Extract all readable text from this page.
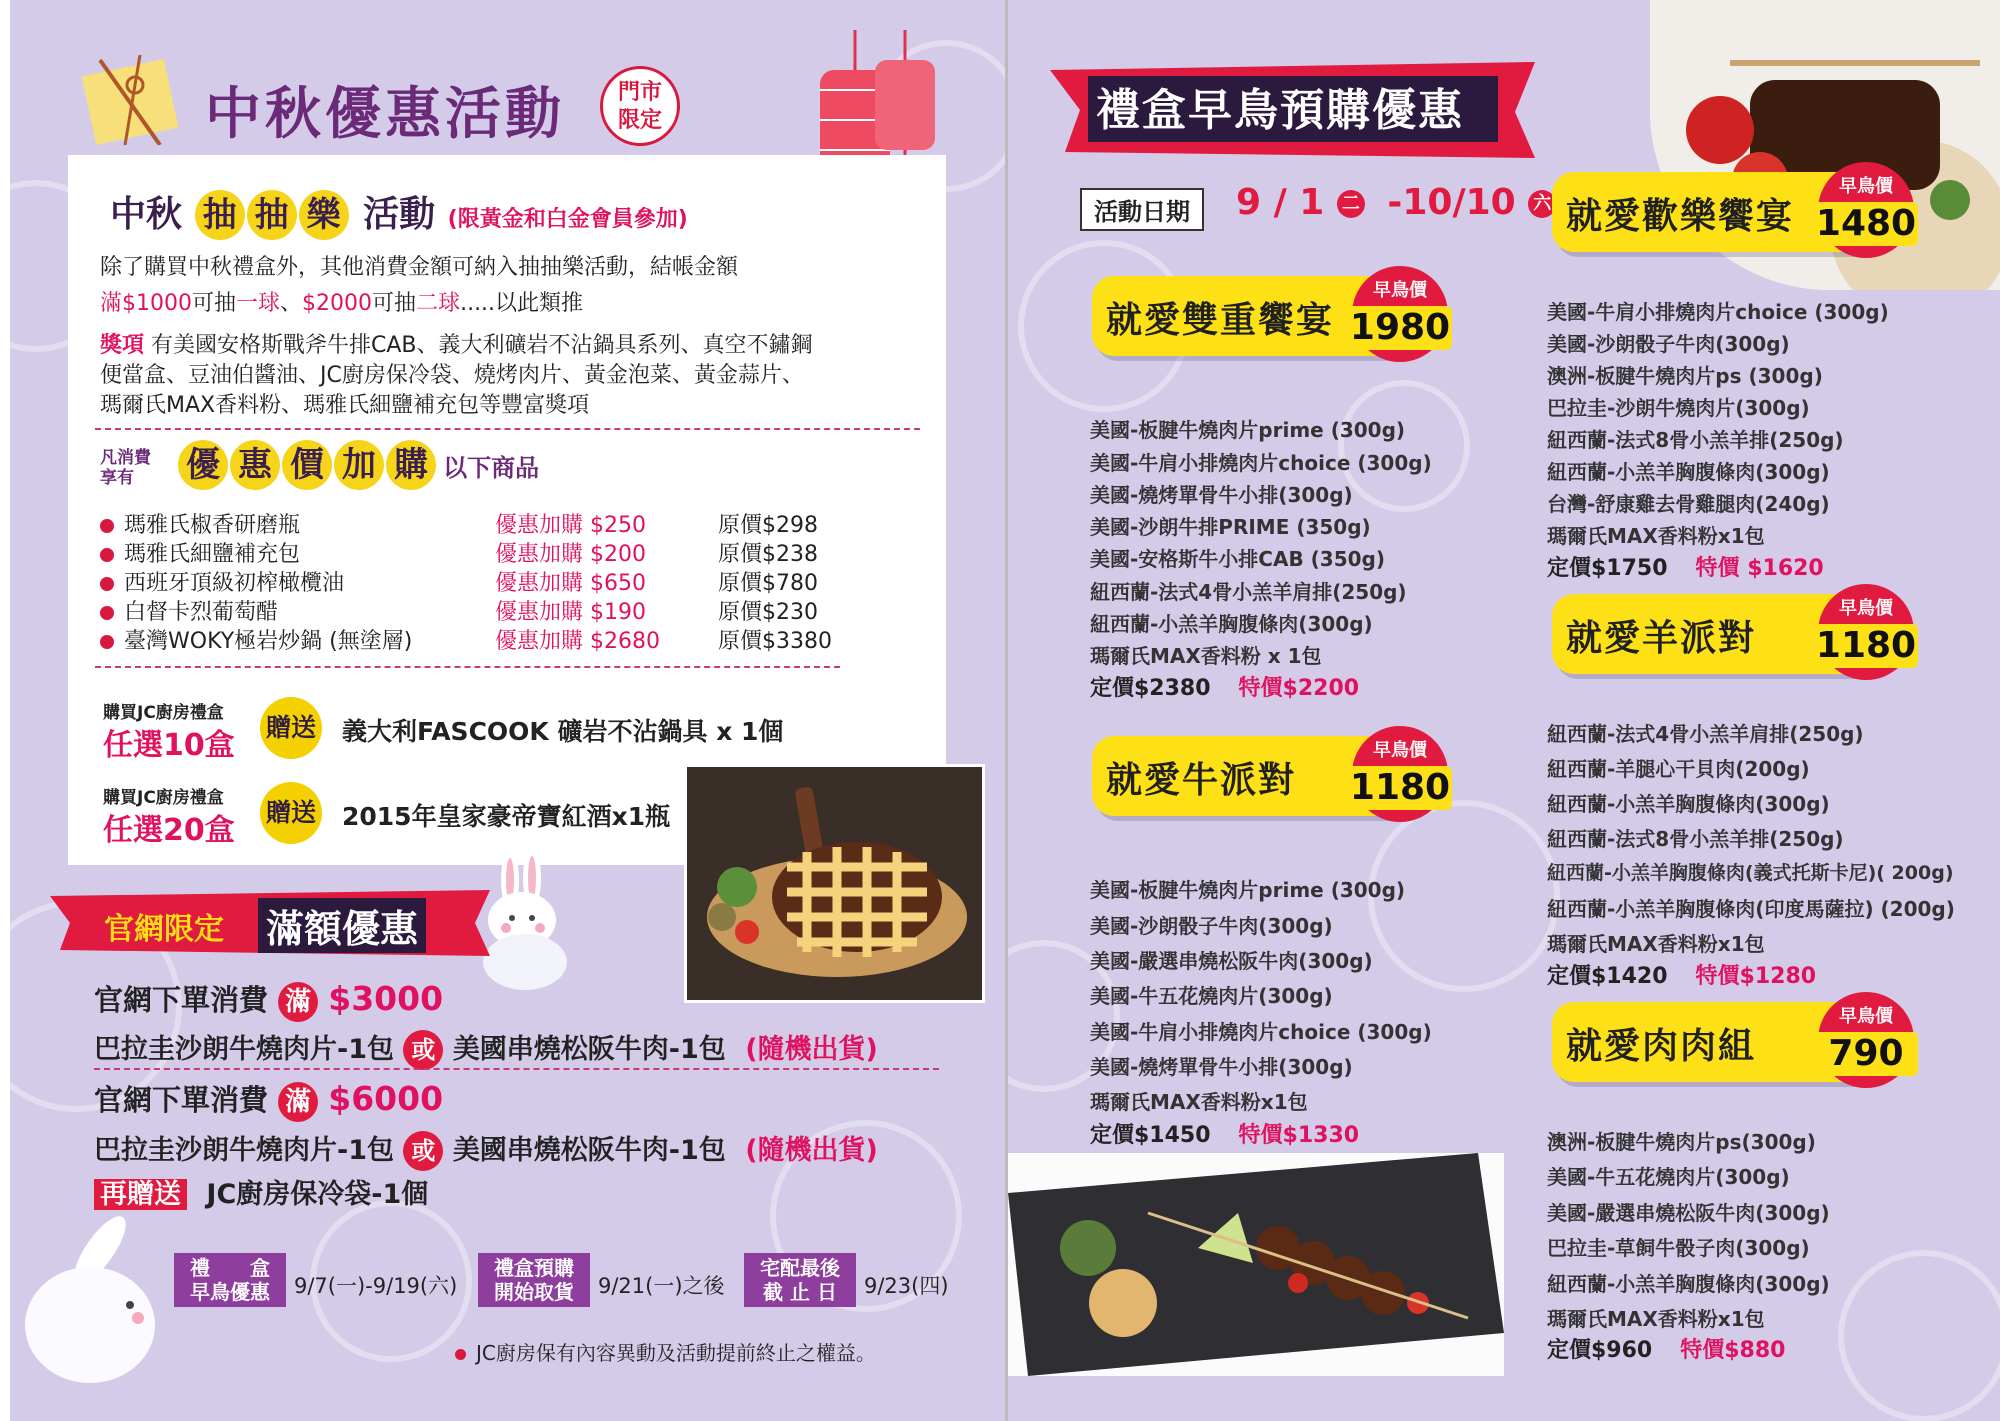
中秋優惠活動	門市
限定
中秋 抽 抽 樂 活動 (限黃金和白金會員參加)
除了購買中秋禮盒外，其他消費金額可納入抽抽樂活動，結帳金額
滿$1000可抽一球、$2000可抽二球.....以此類推
獎項 有美國安格斯戰斧牛排CAB、義大利礦岩不沾鍋具系列、真空不鏽鋼
便當盒、豆油伯醬油、JC廚房保冷袋、燒烤肉片、黃金泡菜、黃金蒜片、
瑪爾氏MAX香料粉、瑪雅氏細鹽補充包等豐富獎項
凡消費
享有	優 惠 價 加 購 以下商品
瑪雅氏椒香研磨瓶	優惠加購 $250	原價$298
瑪雅氏細鹽補充包	優惠加購 $200	原價$238
西班牙頂級初榨橄欖油	優惠加購 $650	原價$780
白督卡烈葡萄醋	優惠加購 $190	原價$230
臺灣WOKY極岩炒鍋 (無塗層)	優惠加購 $2680	原價$3380
購買JC廚房禮盒
任選10盒
贈送 義大利FASCOOK 礦岩不沾鍋具 x 1個
購買JC廚房禮盒
任選20盒
贈送 2015年皇家豪帝寶紅酒x1瓶
官網限定 滿額優惠
官網下單消費 滿 $3000
巴拉圭沙朗牛燒肉片-1包 或 美國串燒松阪牛肉-1包 (隨機出貨)
官網下單消費 滿 $6000
巴拉圭沙朗牛燒肉片-1包 或 美國串燒松阪牛肉-1包 (隨機出貨)
再贈送 JC廚房保冷袋-1個
禮　　盒
早鳥優惠	9/7(一)-9/19(六)
禮盒預購
開始取貨	9/21(一)之後
宅配最後
截 止 日	9/23(四)
JC廚房保有內容異動及活動提前終止之權益。
禮盒早鳥預購優惠
活動日期	9 / 1 二 -10/10 六
就愛雙重饗宴
早鳥價
1980
美國-板腱牛燒肉片prime (300g)
美國-牛肩小排燒肉片choice (300g)
美國-燒烤單骨牛小排(300g)
美國-沙朗牛排PRIME (350g)
美國-安格斯牛小排CAB (350g)
紐西蘭-法式4骨小羔羊肩排(250g)
紐西蘭-小羔羊胸腹條肉(300g)
瑪爾氏MAX香料粉 x 1包
定價$2380 特價$2200
就愛牛派對
早鳥價
1180
美國-板腱牛燒肉片prime (300g)
美國-沙朗骰子牛肉(300g)
美國-嚴選串燒松阪牛肉(300g)
美國-牛五花燒肉片(300g)
美國-牛肩小排燒肉片choice (300g)
美國-燒烤單骨牛小排(300g)
瑪爾氏MAX香料粉x1包
定價$1450 特價$1330
就愛歡樂饗宴
早鳥價
1480
美國-牛肩小排燒肉片choice (300g)
美國-沙朗骰子牛肉(300g)
澳洲-板腱牛燒肉片ps (300g)
巴拉圭-沙朗牛燒肉片(300g)
紐西蘭-法式8骨小羔羊排(250g)
紐西蘭-小羔羊胸腹條肉(300g)
台灣-舒康雞去骨雞腿肉(240g)
瑪爾氏MAX香料粉x1包
定價$1750 特價 $1620
就愛羊派對
早鳥價
1180
紐西蘭-法式4骨小羔羊肩排(250g)
紐西蘭-羊腿心干貝肉(200g)
紐西蘭-小羔羊胸腹條肉(300g)
紐西蘭-法式8骨小羔羊排(250g)
紐西蘭-小羔羊胸腹條肉(義式托斯卡尼)( 200g)
紐西蘭-小羔羊胸腹條肉(印度馬薩拉) (200g)
瑪爾氏MAX香料粉x1包
定價$1420 特價$1280
就愛肉肉組
早鳥價
790
澳洲-板腱牛燒肉片ps(300g)
美國-牛五花燒肉片(300g)
美國-嚴選串燒松阪牛肉(300g)
巴拉圭-草飼牛骰子肉(300g)
紐西蘭-小羔羊胸腹條肉(300g)
瑪爾氏MAX香料粉x1包
定價$960 特價$880
